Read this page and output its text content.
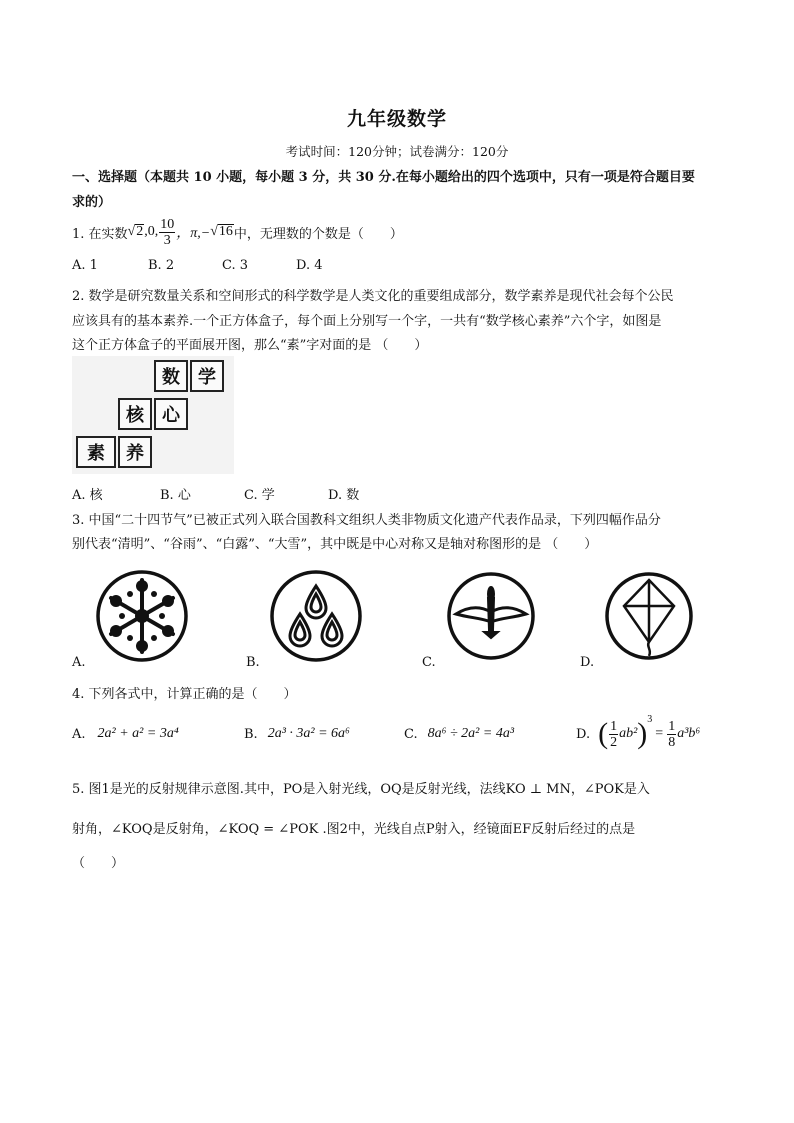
九年级数学
考试时间：120分钟；试卷满分：120分
一、选择题（本题共 10 小题，每小题 3 分，共 30 分.在每小题给出的四个选项中，只有一项是符合题目要
求的）
1. 在实数 √2 ,0, $\frac{10}{3}$ ，π,− √16 中，无理数的个数是（　　）
A. 1	B. 2	C. 3	D. 4
2. 数学是研究数量关系和空间形式的科学数学是人类文化的重要组成部分，数学素养是现代社会每个公民
应该具有的基本素养.一个正方体盒子，每个面上分别写一个字，一共有“数学核心素养”六个字，如图是
这个正方体盒子的平面展开图，那么“素”字对面的是 （　　）
数	学
核	心
素	养
A. 核	B. 心	C. 学	D. 数
3. 中国“二十四节气”已被正式列入联合国教科文组织人类非物质文化遗产代表作品录，下列四幅作品分
别代表“清明”、“谷雨”、“白露”、“大雪”，其中既是中心对称又是轴对称图形的是 （　　）
A.	B.	C.	D.
4. 下列各式中，计算正确的是（　　）
A. 2a² + a² = 3a⁴	B. 2a³ · 3a² = 6a⁶	C. 8a⁶ ÷ 2a² = 4a³	D. ( $\frac{1}{2} ab^2$ ) 3
= $\frac{1}{8} a^3b^6$
5. 图1是光的反射规律示意图.其中，PO是入射光线，OQ是反射光线，法线KO ⊥ MN，∠POK是入
射角，∠KOQ是反射角，∠KOQ = ∠POK .图2中，光线自点P射入，经镜面EF反射后经过的点是
（　　）
